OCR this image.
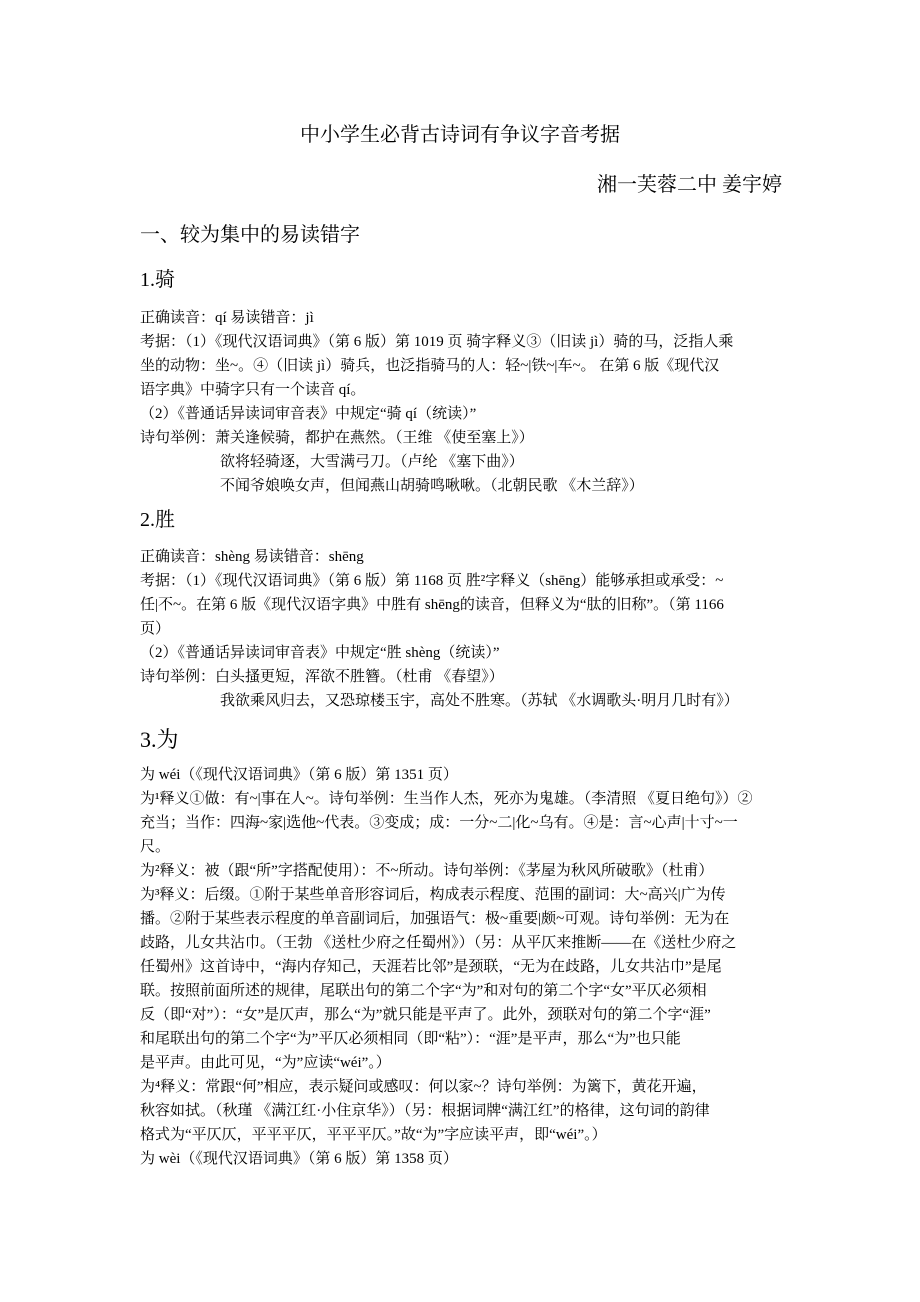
中小学生必背古诗词有争议字音考据
湘一芙蓉二中 姜宇婷
一、较为集中的易读错字
1.骑
正确读音：qí 易读错音：jì
考据：（1）《现代汉语词典》（第 6 版）第 1019 页 骑字释义③（旧读 jì）骑的马，泛指人乘
坐的动物：坐~。④（旧读 jì）骑兵，也泛指骑马的人：轻~|铁~|车~。 在第 6 版《现代汉
语字典》中骑字只有一个读音 qí。
（2）《普通话异读词审音表》中规定“骑 qí（统读）”
诗句举例：萧关逢候骑，都护在燕然。（王维 《使至塞上》）
欲将轻骑逐，大雪满弓刀。（卢纶 《塞下曲》）
不闻爷娘唤女声，但闻燕山胡骑鸣啾啾。（北朝民歌 《木兰辞》）
2.胜
正确读音：shèng 易读错音：shēng
考据：（1）《现代汉语词典》（第 6 版）第 1168 页 胜²字释义（shēng）能够承担或承受：~
任|不~。在第 6 版《现代汉语字典》中胜有 shēng的读音，但释义为“肽的旧称”。（第 1166
页）
（2）《普通话异读词审音表》中规定“胜 shèng（统读）”
诗句举例：白头搔更短，浑欲不胜簪。（杜甫 《春望》）
我欲乘风归去，又恐琼楼玉宇，高处不胜寒。（苏轼 《水调歌头·明月几时有》）
3.为
为 wéi（《现代汉语词典》（第 6 版）第 1351 页）
为¹释义①做：有~|事在人~。诗句举例：生当作人杰，死亦为鬼雄。（李清照 《夏日绝句》）②
充当；当作：四海~家|选他~代表。③变成；成：一分~二|化~乌有。④是：言~心声|十寸~一
尺。
为²释义：被（跟“所”字搭配使用）：不~所动。诗句举例：《茅屋为秋风所破歌》（杜甫）
为³释义：后缀。①附于某些单音形容词后，构成表示程度、范围的副词：大~高兴|广为传
播。②附于某些表示程度的单音副词后，加强语气：极~重要|颇~可观。诗句举例：无为在
歧路，儿女共沾巾。（王勃 《送杜少府之任蜀州》）（另：从平仄来推断——在《送杜少府之
任蜀州》这首诗中，“海内存知己，天涯若比邻”是颈联，“无为在歧路，儿女共沾巾”是尾
联。按照前面所述的规律，尾联出句的第二个字“为”和对句的第二个字“女”平仄必须相
反（即“对”）：“女”是仄声，那么“为”就只能是平声了。此外，颈联对句的第二个字“涯”
和尾联出句的第二个字“为”平仄必须相同（即“粘”）：“涯”是平声，那么“为”也只能
是平声。由此可见，“为”应读“wéi”。）
为⁴释义：常跟“何”相应，表示疑问或感叹：何以家~？诗句举例：为篱下，黄花开遍，
秋容如拭。（秋瑾 《满江红·小住京华》）（另：根据词牌“满江红”的格律，这句词的韵律
格式为“平仄仄，平平平仄，平平平仄。”故“为”字应读平声，即“wéi”。）
为 wèi（《现代汉语词典》（第 6 版）第 1358 页）
